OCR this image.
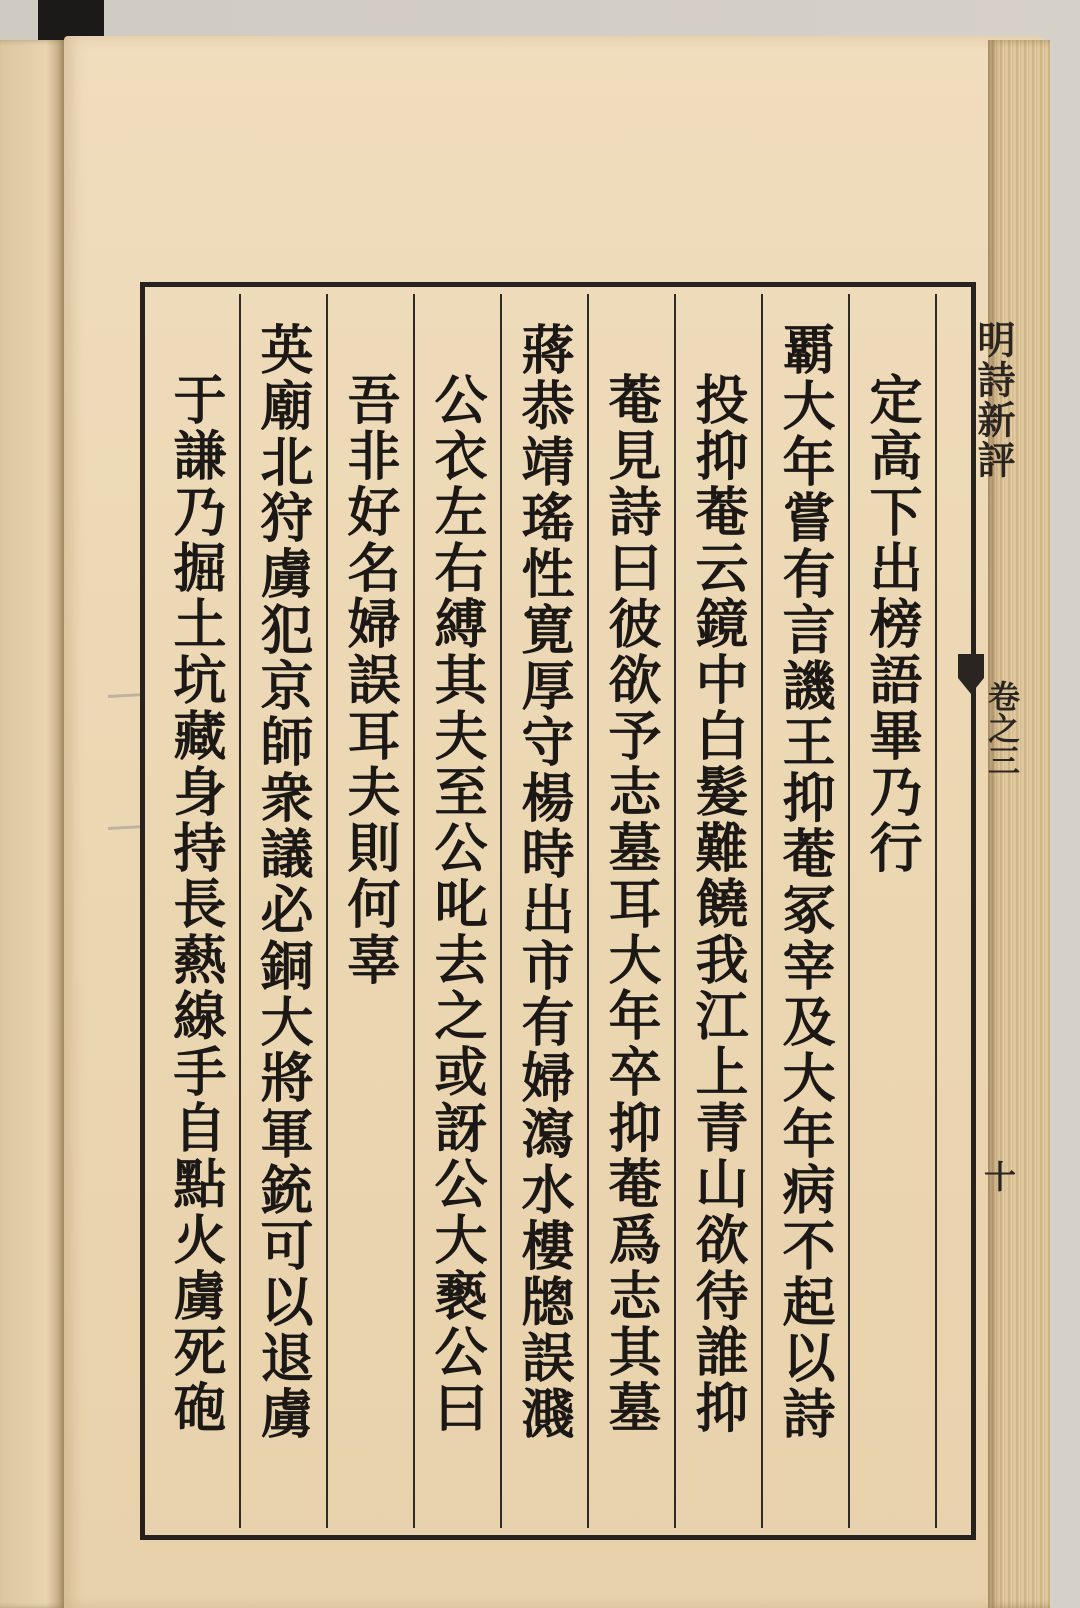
明詩新評
卷之三
十
定高下出榜語畢乃行
覇大年嘗有言譏王抑菴冢宰及大年病不起以詩
投抑菴云鏡中白髮難饒我江上青山欲待誰抑
菴見詩曰彼欲予志墓耳大年卒抑菴爲志其墓
蔣恭靖瑤性寛厚守楊時出市有婦瀉水樓牕誤濺
公衣左右縛其夫至公叱去之或訝公大褻公曰
吾非好名婦誤耳夫則何辜
英廟北狩虜犯京師衆議必銅大將軍銃可以退虜
于謙乃掘土坑藏身持長爇線手自點火虜死砲
